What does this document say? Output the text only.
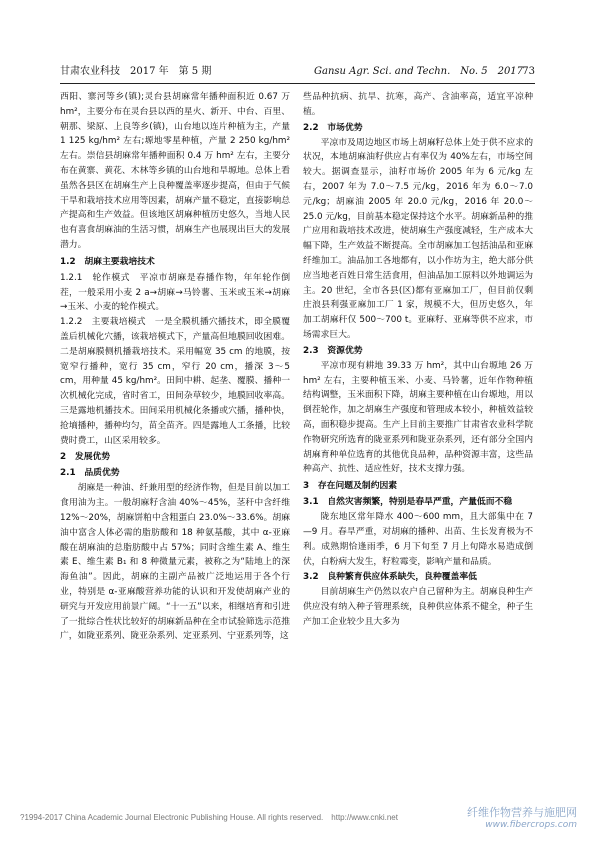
甘肃农业科技　 2017 年　第 5 期	Gansu Agr. Sci. and Techn.　No. 5　2017 73

西阳、寨河等乡(镇);灵台县胡麻常年播种面积近 0.67 万 hm²，主要分布在灵台县以西的星火、新开、中台、百里、朝那、梁原、上良等乡(镇)，山台地以连片种植为主，产量 1 125 kg/hm² 左右;塬地零星种植，产量 2 250 kg/hm² 左右。崇信县胡麻常年播种面积 0.4 万 hm² 左右，主要分布在黄寨、黄花、木林等乡镇的山台地和旱塬地。总体上看虽然各县区在胡麻生产上良种覆盖率逐步提高，但由于气候干旱和栽培技术应用等因素，胡麻产量不稳定，直接影响总产提高和生产效益。但该地区胡麻种植历史悠久，当地人民也有喜食胡麻油的生活习惯，胡麻生产也展现出巨大的发展潜力。

1.2　胡麻主要栽培技术

1.2.1　轮作模式　平凉市胡麻是春播作物，年年轮作倒茬，一般采用小麦 2 a→胡麻→马铃薯、玉米或玉米→胡麻→玉米、小麦的轮作模式。

1.2.2　主要栽培模式　一是全膜机播穴播技术，即全膜覆盖后机械化穴播，该栽培模式下，产量高但地膜回收困难。二是胡麻膜侧机播栽培技术。采用幅宽 35 cm 的地膜，按宽窄行播种，宽行 35 cm，窄行 20 cm，播深 3～5 cm，用种量 45 kg/hm²。田间中耕、起垄、覆膜、播种一次机械化完成，省时省工，田间杂草较少，地膜回收率高。三是露地机播技术。田间采用机械化条播或穴播，播种快，抢墒播种，播种均匀，苗全苗齐。四是露地人工条播，比较费时费工，山区采用较多。

2　发展优势
2.1　品质优势

胡麻是一种油、纤兼用型的经济作物，但是目前以加工食用油为主。一般胡麻籽含油 40%～45%，茎秆中含纤维 12%～20%，胡麻饼粕中含粗蛋白 23.0%～33.6%。胡麻油中富含人体必需的脂肪酸和 18 种氨基酸，其中 α-亚麻酸在胡麻油的总脂肪酸中占 57%；同时含维生素 A、维生素 E、维生素 B₁ 和 8 种微量元素，被称之为“陆地上的深海鱼油”。因此，胡麻的主副产品被广泛地运用于各个行业，特别是 α-亚麻酸营养功能的认识和开发使胡麻产业的研究与开发应用前景广阔。“十一五”以来，相继培育和引进了一批综合性状比较好的胡麻新品种在全市试验筛选示范推广，如陇亚系列、陇亚杂系列、定亚系列、宁亚系列等，这

些品种抗病、抗旱、抗寒，高产、含油率高，适宜平凉种植。

2.2　市场优势

平凉市及周边地区市场上胡麻籽总体上处于供不应求的状况，本地胡麻油籽供应占有率仅为 40%左右，市场空间较大。据调查显示，油籽市场价 2005 年为 6 元/kg 左右，2007 年为 7.0～7.5 元/kg，2016 年为 6.0～7.0 元/kg；胡麻油 2005 年 20.0 元/kg，2016 年 20.0～25.0 元/kg，目前基本稳定保持这个水平。胡麻新品种的推广应用和栽培技术改进，使胡麻生产强度减轻，生产成本大幅下降，生产效益不断提高。全市胡麻加工包括油品和亚麻纤维加工。油品加工各地都有，以小作坊为主，绝大部分供应当地老百姓日常生活食用，但油品加工原料以外地调运为主。20 世纪，全市各县(区)都有亚麻加工厂，但目前仅剩庄浪县利强亚麻加工厂 1 家，规模不大，但历史悠久，年加工胡麻秆仅 500～700 t。亚麻籽、亚麻等供不应求，市场需求巨大。

2.3　资源优势

平凉市现有耕地 39.33 万 hm²，其中山台塬地 26 万 hm² 左右，主要种植玉米、小麦、马铃薯，近年作物种植结构调整，玉米面积下降，胡麻主要种植在山台塬地，用以倒茬轮作，加之胡麻生产强度和管理成本较小，种植效益较高，面积稳步提高。生产上目前主要推广甘肃省农业科学院作物研究所选育的陇亚系列和陇亚杂系列，还有部分全国内胡麻育种单位选育的其他优良品种，品种资源丰富，这些品种高产、抗性、适应性好，技术支撑力强。

3　存在问题及制约因素
3.1　自然灾害频繁，特别是春旱严重，产量低而不稳

陇东地区常年降水 400～600 mm，且大部集中在 7—9 月。春旱严重，对胡麻的播种、出苗、生长发育极为不利。成熟期恰逢雨季，6 月下旬至 7 月上旬降水易造成倒伏，白粉病大发生，籽粒霉变，影响产量和品质。

3.2　良种繁育供应体系缺失，良种覆盖率低

目前胡麻生产仍然以农户自己留种为主。胡麻良种生产供应没有纳入种子管理系统，良种供应体系不健全，种子生产加工企业较少且大多为

?1994-2017 China Academic Journal Electronic Publishing House. All rights reserved.　http://www.cnki.net	纤维作物营养与施肥网
www.fibercrops.com
